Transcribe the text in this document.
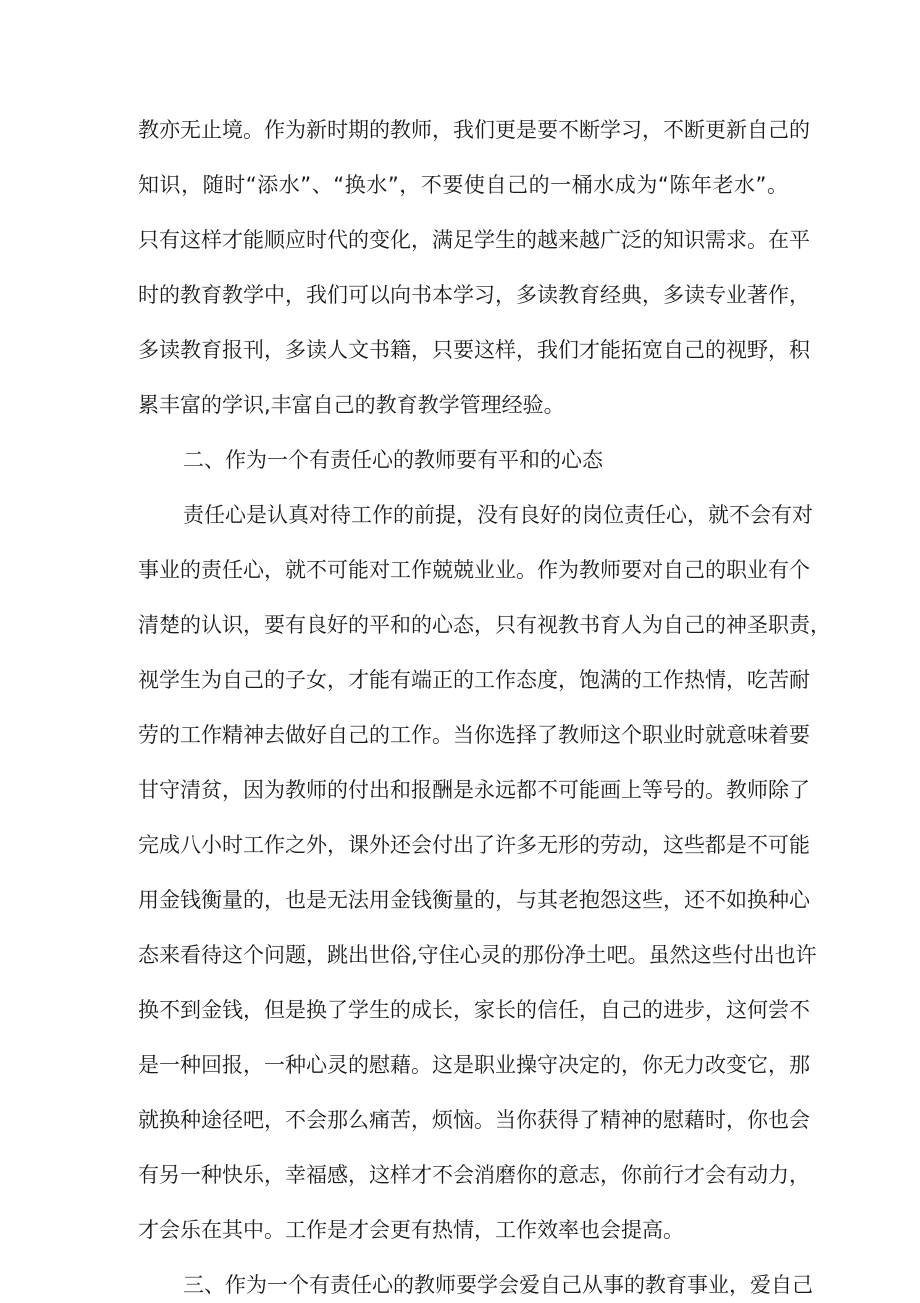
教亦无止境。作为新时期的教师，我们更是要不断学习，不断更新自己的
知识，随时“添水”、“换水”，不要使自己的一桶水成为“陈年老水”。
只有这样才能顺应时代的变化，满足学生的越来越广泛的知识需求。在平
时的教育教学中，我们可以向书本学习，多读教育经典，多读专业著作，
多读教育报刊，多读人文书籍，只要这样，我们才能拓宽自己的视野，积
累丰富的学识,丰富自己的教育教学管理经验。
二、作为一个有责任心的教师要有平和的心态
责任心是认真对待工作的前提，没有良好的岗位责任心，就不会有对
事业的责任心，就不可能对工作兢兢业业。作为教师要对自己的职业有个
清楚的认识，要有良好的平和的心态，只有视教书育人为自己的神圣职责，
视学生为自己的子女，才能有端正的工作态度，饱满的工作热情，吃苦耐
劳的工作精神去做好自己的工作。当你选择了教师这个职业时就意味着要
甘守清贫，因为教师的付出和报酬是永远都不可能画上等号的。教师除了
完成八小时工作之外，课外还会付出了许多无形的劳动，这些都是不可能
用金钱衡量的，也是无法用金钱衡量的，与其老抱怨这些，还不如换种心
态来看待这个问题，跳出世俗,守住心灵的那份净土吧。虽然这些付出也许
换不到金钱，但是换了学生的成长，家长的信任，自己的进步，这何尝不
是一种回报，一种心灵的慰藉。这是职业操守决定的，你无力改变它，那
就换种途径吧，不会那么痛苦，烦恼。当你获得了精神的慰藉时，你也会
有另一种快乐，幸福感，这样才不会消磨你的意志，你前行才会有动力，
才会乐在其中。工作是才会更有热情，工作效率也会提高。
三、作为一个有责任心的教师要学会爱自己从事的教育事业，爱自己
